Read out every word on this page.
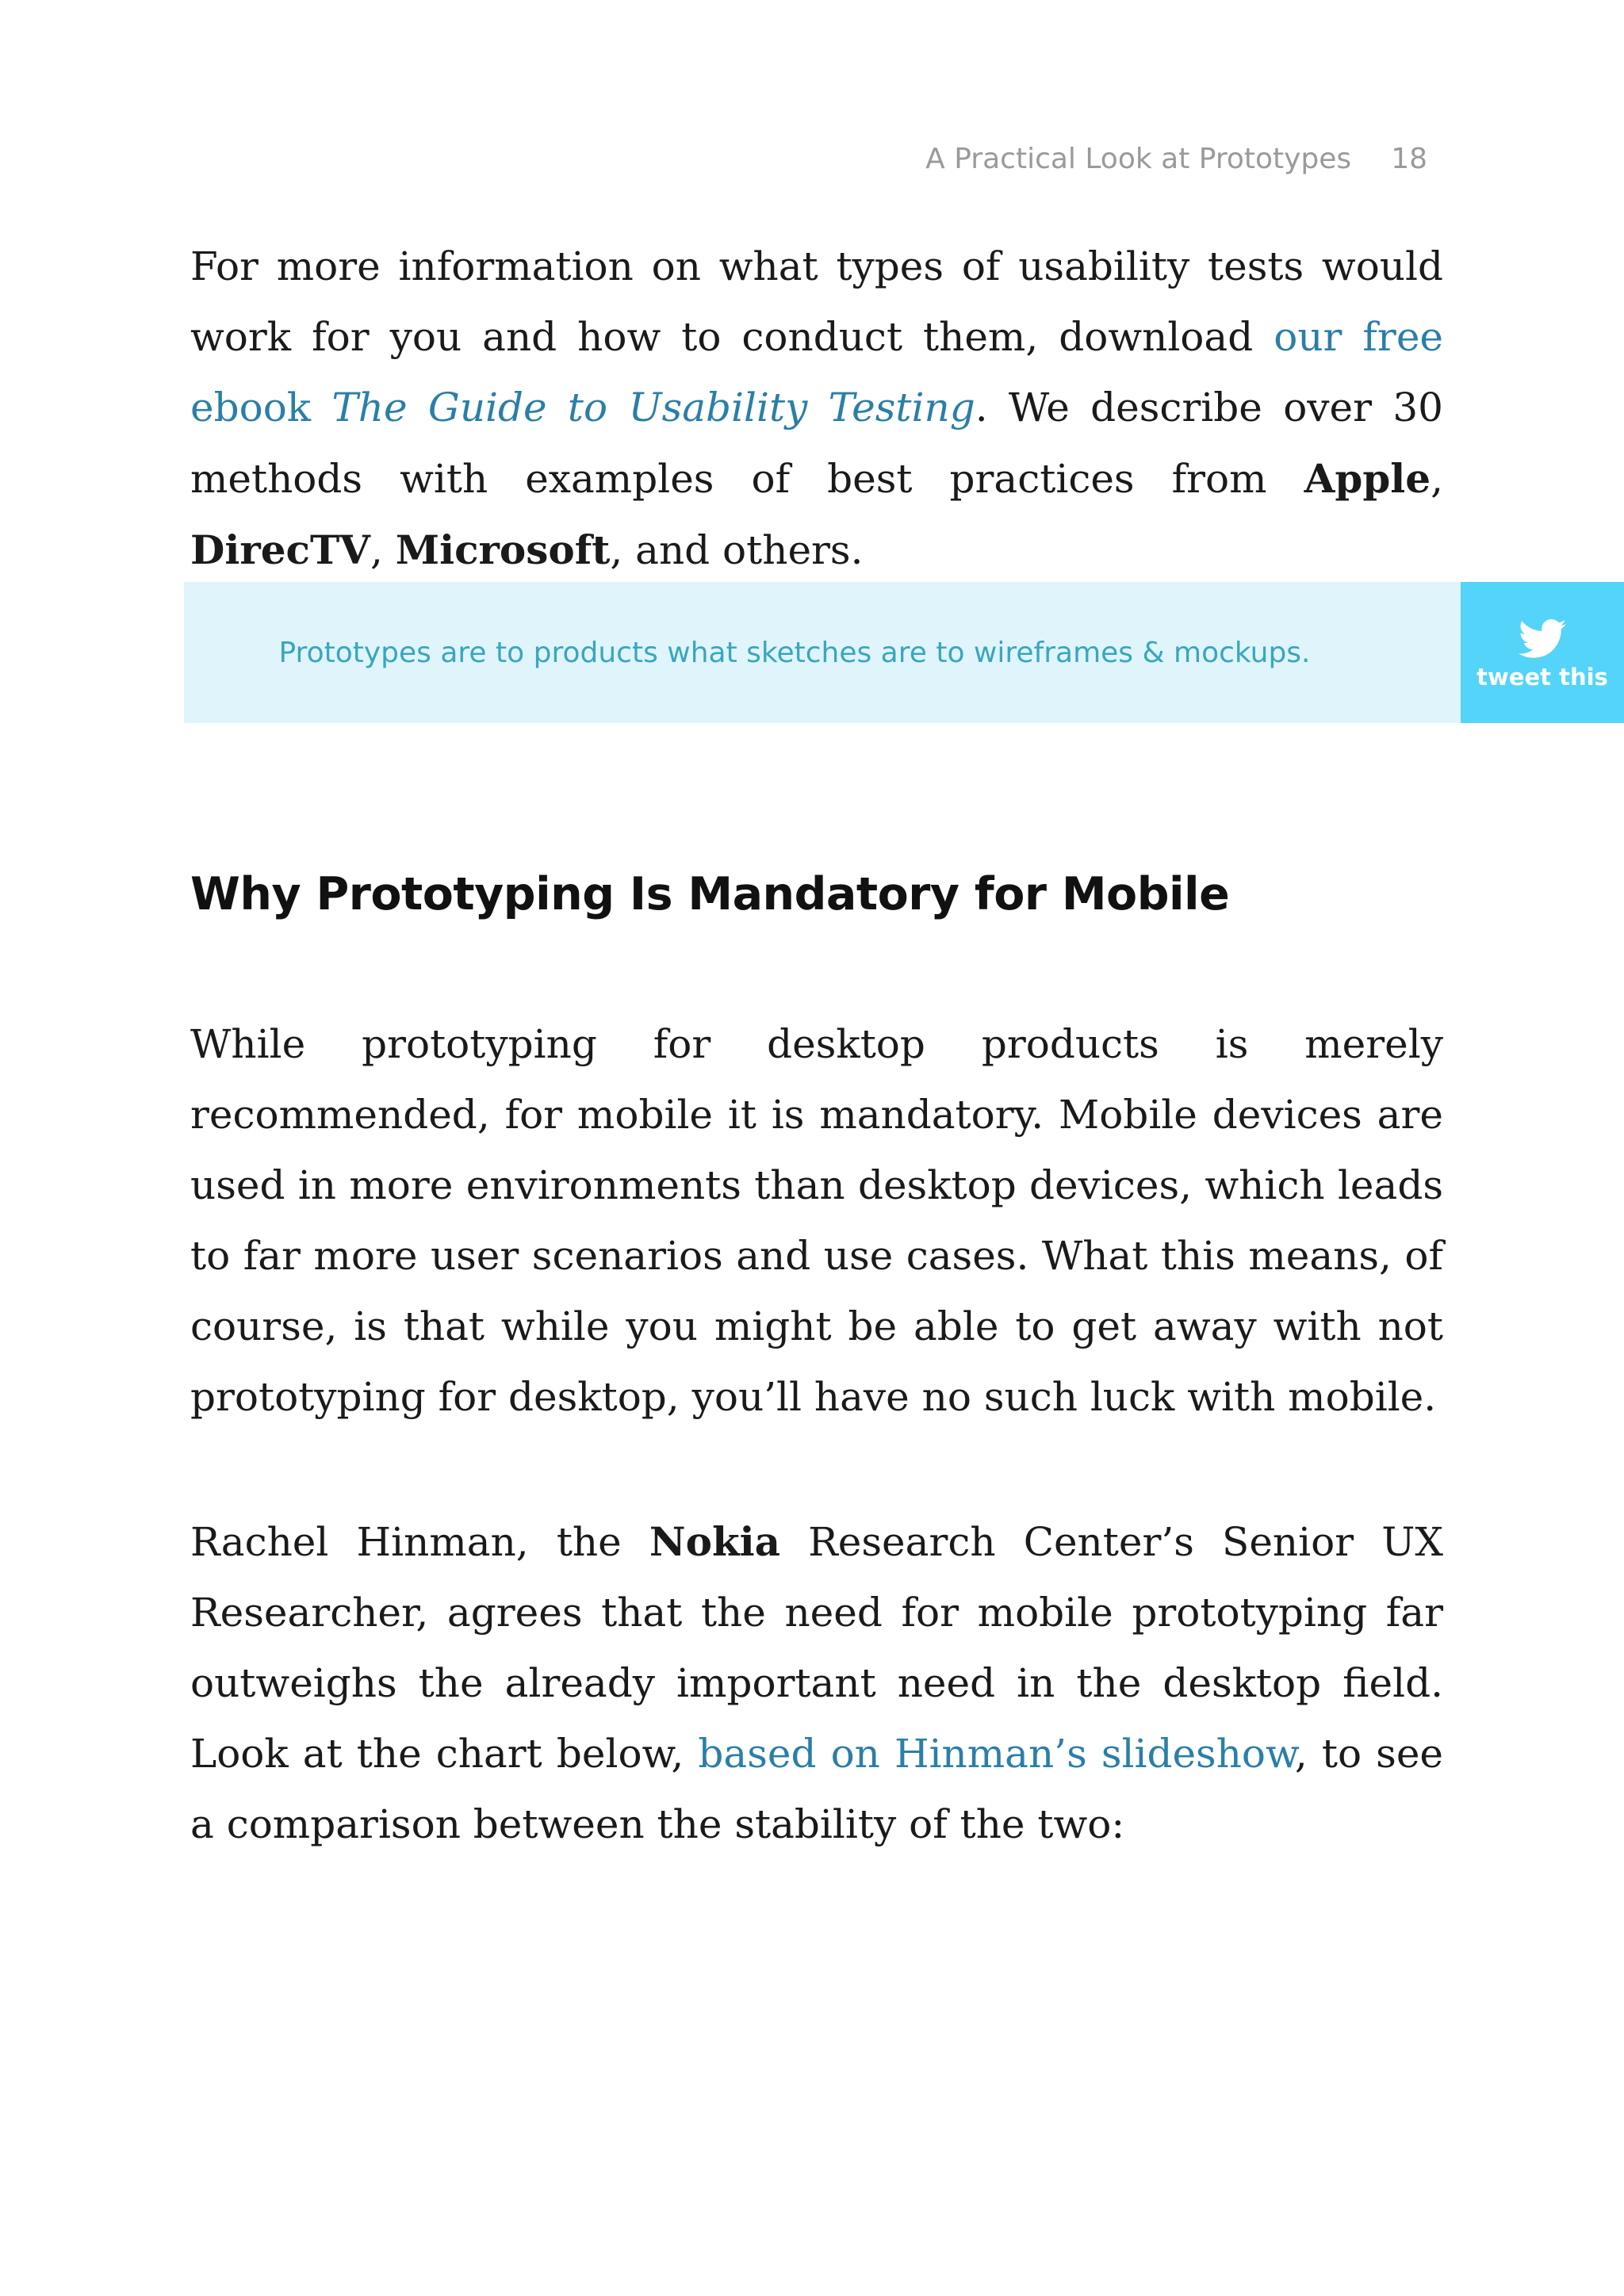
A Practical Look at Prototypes 18

For more information on what types of usability tests would work for you and how to conduct them, download our free ebook The Guide to Usability Testing. We describe over 30 methods with examples of best practices from Apple, DirecTV, Microsoft, and others.

Prototypes are to products what sketches are to wireframes & mockups.
tweet this
Why Prototyping Is Mandatory for Mobile

While prototyping for desktop products is merely recommended, for mobile it is mandatory. Mobile devices are used in more environments than desktop devices, which leads to far more user scenarios and use cases. What this means, of course, is that while you might be able to get away with not prototyping for desktop, you’ll have no such luck with mobile.

Rachel Hinman, the Nokia Research Center’s Senior UX Researcher, agrees that the need for mobile prototyping far outweighs the already important need in the desktop field. Look at the chart below, based on Hinman’s slideshow, to see a comparison between the stability of the two:
